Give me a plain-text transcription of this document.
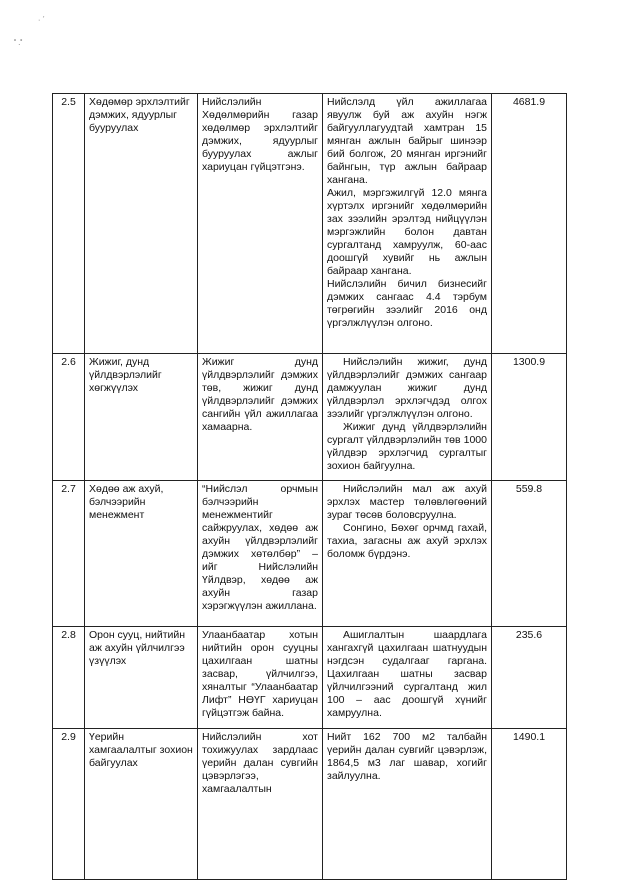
· ˊ
˚ .˚
2.5	Хөдөмөр эрхлэлтийг дэмжих, ядуурлыг бууруулах	Нийслэлийн Хөдөлмөрийн газар хөдөлмөр эрхлэлтийг дэмжих, ядуурлыг бууруулах ажлыг хариуцан гүйцэтгэнэ.	Нийслэлд үйл ажиллагаа явуулж буй аж ахуйн нэгж байгууллагуудтай хамтран 15 мянган ажлын байрыг шинээр бий болгож, 20 мянган иргэнийг байнгын, түр ажлын байраар хангана.
Ажил, мэргэжилгүй 12.0 мянга хүртэлх иргэнийг хөдөлмөрийн зах зээлийн эрэлтэд нийцүүлэн мэргэжлийн болон давтан сургалтанд хамруулж, 60-аас доошгүй хувийг нь ажлын байраар хангана.
Нийслэлийн бичил бизнесийг дэмжих сангаас 4.4 тэрбум төгрөгийн зээлийг 2016 онд үргэлжлүүлэн олгоно.	4681.9
2.6	Жижиг, дунд үйлдвэрлэлийг хөгжүүлэх	Жижиг дунд үйлдвэрлэлийг дэмжих төв, жижиг дунд үйлдвэрлэлийг дэмжих сангийн үйл ажиллагаа хамаарна.	Нийслэлийн жижиг, дунд үйлдвэрлэлийг дэмжих сангаар дамжуулан жижиг дунд үйлдвэрлэл эрхлэгчдэд олгох зээлийг үргэлжлүүлэн олгоно.
Жижиг дунд үйлдвэрлэлийн сургалт үйлдвэрлэлийн төв 1000 үйлдвэр эрхлэгчид сургалтыг зохион байгуулна.	1300.9
2.7	Хөдөө аж ахуй, бэлчээрийн менежмент	“Нийслэл орчмын бэлчээрийн менежментийг сайжруулах, хөдөө аж ахуйн үйлдвэрлэлийг дэмжих хөтөлбөр” – ийг Нийслэлийн Үйлдвэр, хөдөө аж ахуйн газар хэрэгжүүлэн ажиллана.	Нийслэлийн мал аж ахуй эрхлэх мастер төлөвлөгөөний зураг төсөв боловсруулна.
Сонгино, Бөхөг орчмд гахай, тахиа, загасны аж ахуй эрхлэх боломж бүрдэнэ.	559.8
2.8	Орон сууц, нийтийн аж ахуйн үйлчилгээ үзүүлэх	Улаанбаатар хотын нийтийн орон сууцны цахилгаан шатны засвар, үйлчилгээ, хяналтыг “Улаанбаатар Лифт” НӨҮГ хариуцан гүйцэтгэж байна.	Ашиглалтын шаардлага хангахгүй цахилгаан шатнуудын нэгдсэн судалгааг гаргана. Цахилгаан шатны засвар үйлчилгээний сургалтанд жил 100 – аас доошгүй хүнийг хамруулна.	235.6
2.9	Үерийн хамгаалалтыг зохион байгуулах	Нийслэлийн хот тохижуулах зардлаас үерийн далан сувгийн цэвэрлэгээ, хамгаалалтын	Нийт 162 700 м2 талбайн үерийн далан сувгийг цэвэрлэж, 1864,5 м3 лаг шавар, хогийг зайлуулна.	1490.1
